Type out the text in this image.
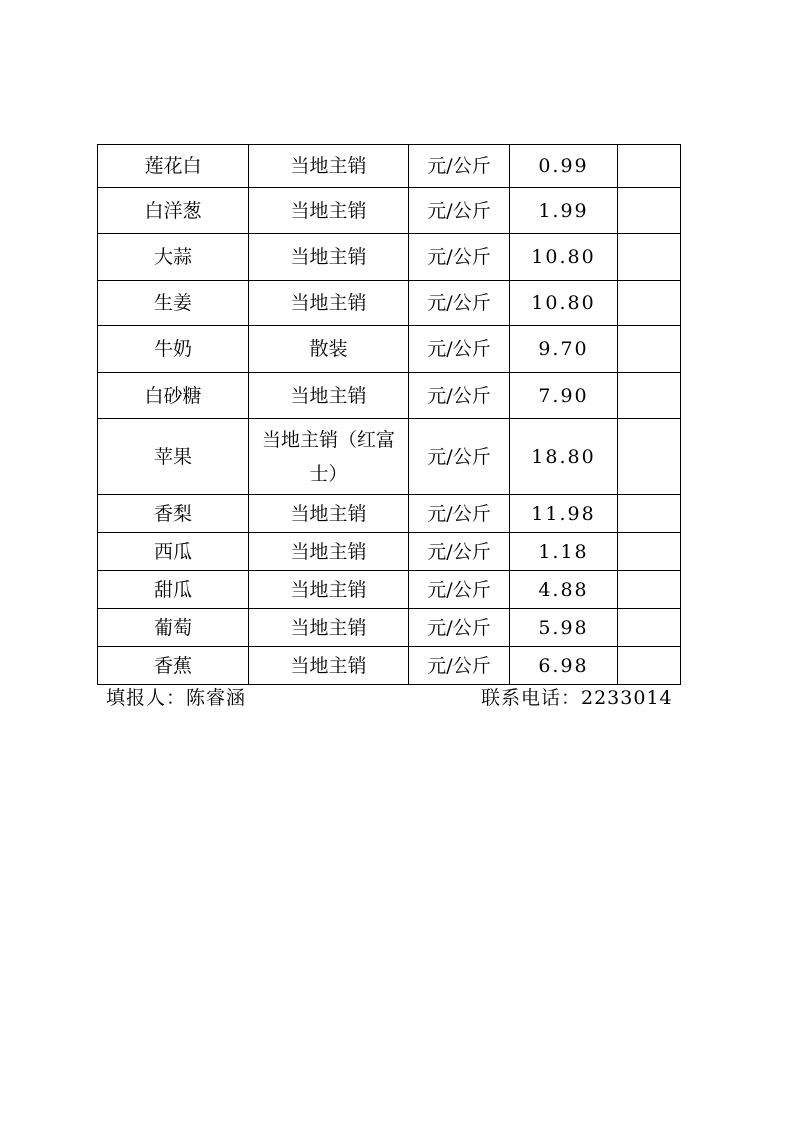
莲花白	当地主销	元/公斤	0.99	
白洋葱	当地主销	元/公斤	1.99	
大蒜	当地主销	元/公斤	10.80	
生姜	当地主销	元/公斤	10.80	
牛奶	散装	元/公斤	9.70	
白砂糖	当地主销	元/公斤	7.90	
苹果	当地主销（红富士）	元/公斤	18.80	
香梨	当地主销	元/公斤	11.98	
西瓜	当地主销	元/公斤	1.18	
甜瓜	当地主销	元/公斤	4.88	
葡萄	当地主销	元/公斤	5.98	
香蕉	当地主销	元/公斤	6.98	
填报人：陈睿涵	联系电话：2233014
